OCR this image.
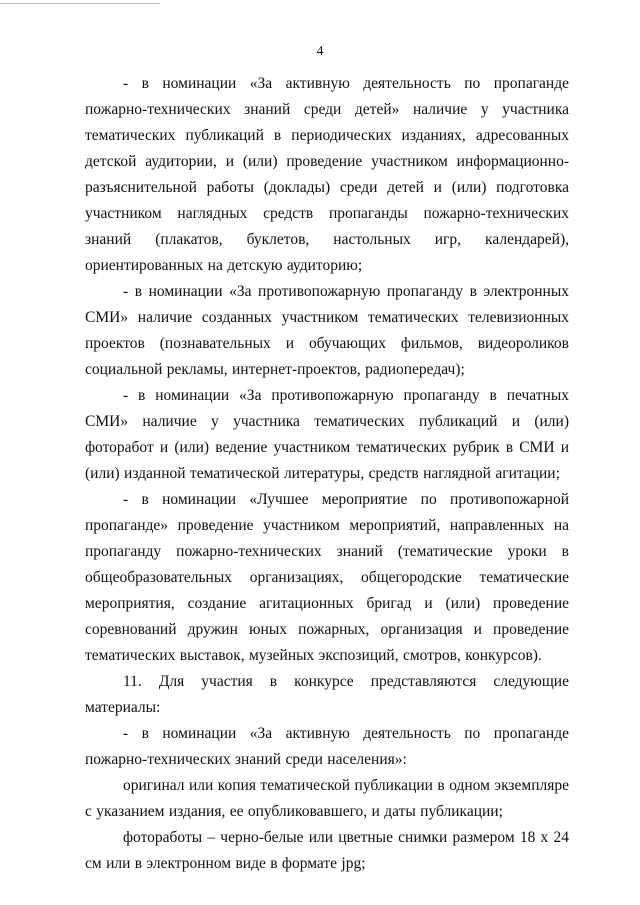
4

- в номинации «За активную деятельность по пропаганде пожарно-технических знаний среди детей» наличие у участника тематических публикаций в периодических изданиях, адресованных детской аудитории, и (или) проведение участником информационно-разъяснительной работы (доклады) среди детей и (или) подготовка участником наглядных средств пропаганды пожарно-технических знаний (плакатов, буклетов, настольных игр, календарей), ориентированных на детскую аудиторию;

- в номинации «За противопожарную пропаганду в электронных СМИ» наличие созданных участником тематических телевизионных проектов (познавательных и обучающих фильмов, видеороликов социальной рекламы, интернет-проектов, радиопередач);

- в номинации «За противопожарную пропаганду в печатных СМИ» наличие у участника тематических публикаций и (или) фоторабот и (или) ведение участником тематических рубрик в СМИ и (или) изданной тематической литературы, средств наглядной агитации;

- в номинации «Лучшее мероприятие по противопожарной пропаганде» проведение участником мероприятий, направленных на пропаганду пожарно-технических знаний (тематические уроки в общеобразовательных организациях, общегородские тематические мероприятия, создание агитационных бригад и (или) проведение соревнований дружин юных пожарных, организация и проведение тематических выставок, музейных экспозиций, смотров, конкурсов).

11. Для участия в конкурсе представляются следующие материалы:

- в номинации «За активную деятельность по пропаганде пожарно-технических знаний среди населения»:

оригинал или копия тематической публикации в одном экземпляре с указанием издания, ее опубликовавшего, и даты публикации;

фотоработы – черно-белые или цветные снимки размером 18 х 24 см или в электронном виде в формате jpg;
